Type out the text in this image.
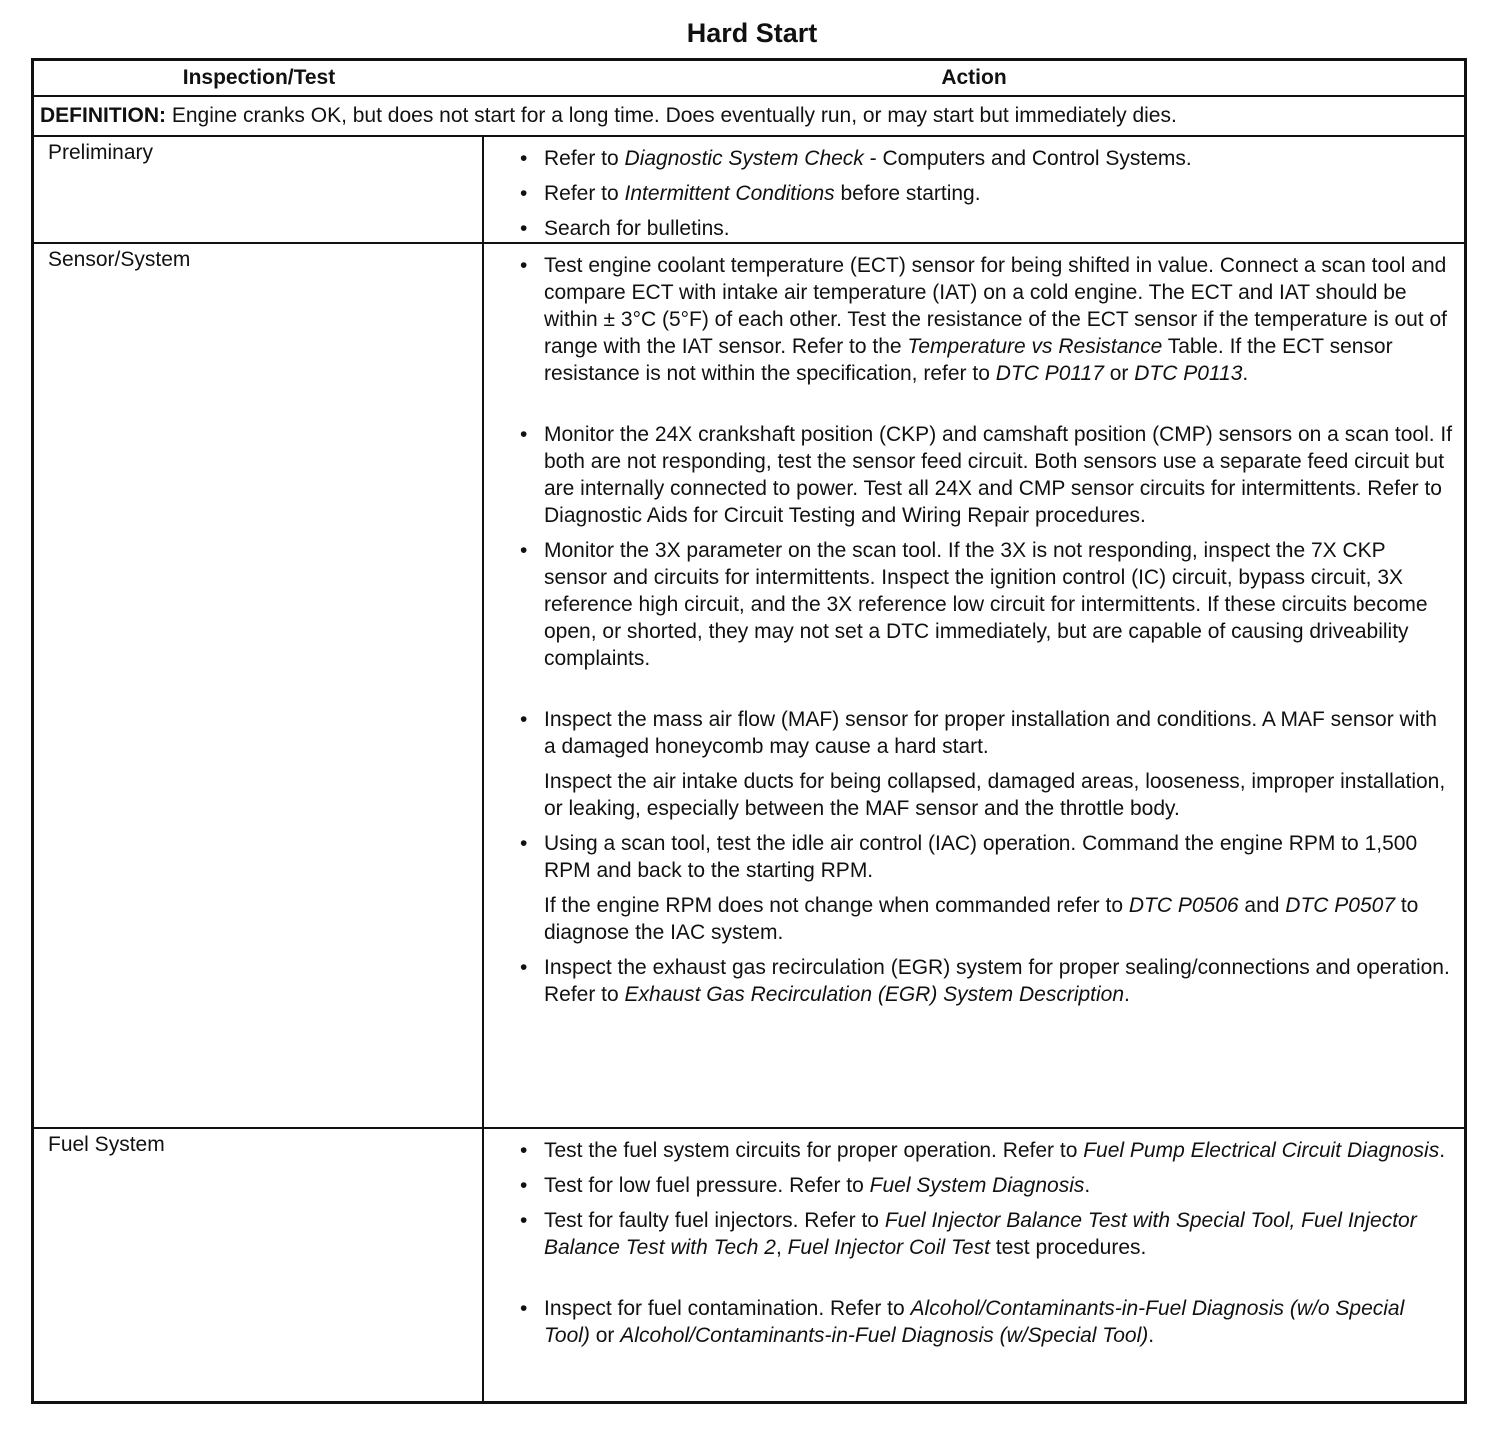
Hard Start
Inspection/Test	Action
DEFINITION: Engine cranks OK, but does not start for a long time. Does eventually run, or may start but immediately dies.
Preliminary	• Refer to Diagnostic System Check - Computers and Control Systems.
• Refer to Intermittent Conditions before starting.
• Search for bulletins.
Sensor/System	• Test engine coolant temperature (ECT) sensor for being shifted in value. Connect a scan tool and compare ECT with intake air temperature (IAT) on a cold engine. The ECT and IAT should be within ± 3°C (5°F) of each other. Test the resistance of the ECT sensor if the temperature is out of range with the IAT sensor. Refer to the Temperature vs Resistance Table. If the ECT sensor resistance is not within the specification, refer to DTC P0117 or DTC P0113.
• Monitor the 24X crankshaft position (CKP) and camshaft position (CMP) sensors on a scan tool. If both are not responding, test the sensor feed circuit. Both sensors use a separate feed circuit but are internally connected to power. Test all 24X and CMP sensor circuits for intermittents. Refer to Diagnostic Aids for Circuit Testing and Wiring Repair procedures.
• Monitor the 3X parameter on the scan tool. If the 3X is not responding, inspect the 7X CKP sensor and circuits for intermittents. Inspect the ignition control (IC) circuit, bypass circuit, 3X reference high circuit, and the 3X reference low circuit for intermittents. If these circuits become open, or shorted, they may not set a DTC immediately, but are capable of causing driveability complaints.
• Inspect the mass air flow (MAF) sensor for proper installation and conditions. A MAF sensor with a damaged honeycomb may cause a hard start.
Inspect the air intake ducts for being collapsed, damaged areas, looseness, improper installation, or leaking, especially between the MAF sensor and the throttle body.
• Using a scan tool, test the idle air control (IAC) operation. Command the engine RPM to 1,500 RPM and back to the starting RPM.
If the engine RPM does not change when commanded refer to DTC P0506 and DTC P0507 to diagnose the IAC system.
• Inspect the exhaust gas recirculation (EGR) system for proper sealing/connections and operation. Refer to Exhaust Gas Recirculation (EGR) System Description.
Fuel System	• Test the fuel system circuits for proper operation. Refer to Fuel Pump Electrical Circuit Diagnosis.
• Test for low fuel pressure. Refer to Fuel System Diagnosis.
• Test for faulty fuel injectors. Refer to Fuel Injector Balance Test with Special Tool, Fuel Injector Balance Test with Tech 2, Fuel Injector Coil Test test procedures.
• Inspect for fuel contamination. Refer to Alcohol/Contaminants-in-Fuel Diagnosis (w/o Special Tool) or Alcohol/Contaminants-in-Fuel Diagnosis (w/Special Tool).
